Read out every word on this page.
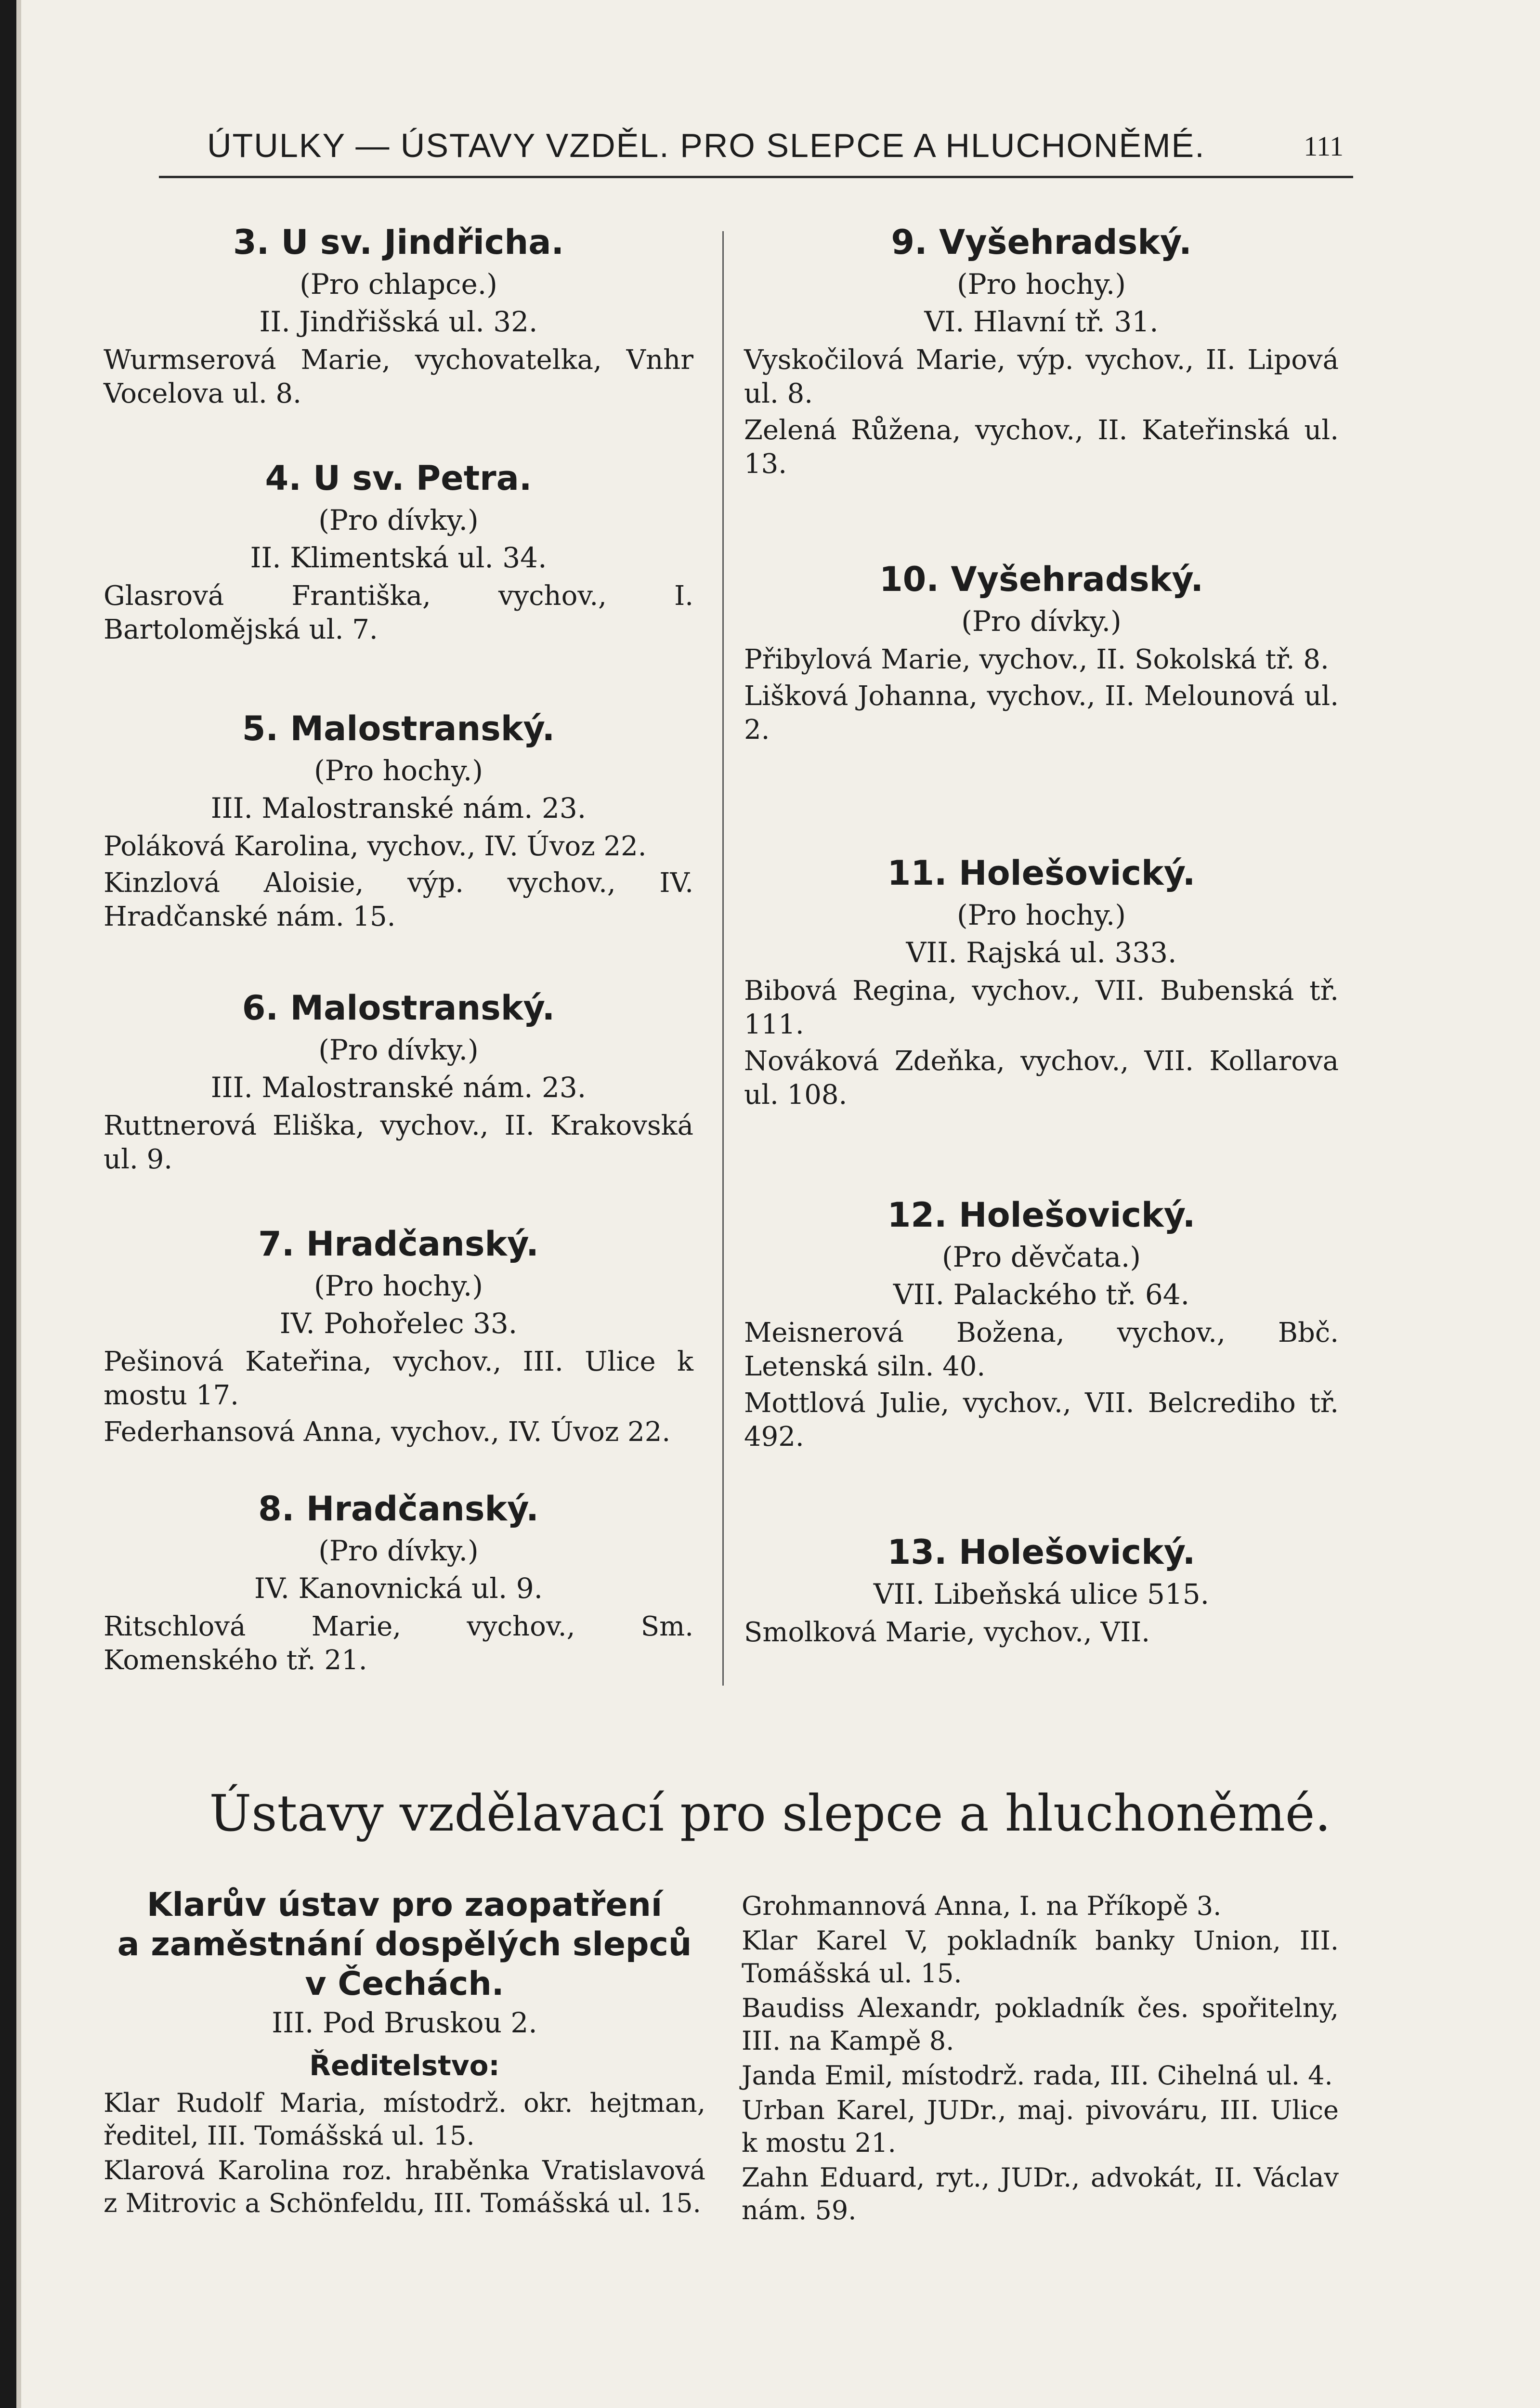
ÚTULKY — ÚSTAVY VZDĚL. PRO SLEPCE A HLUCHONĚMÉ.	111
3. U sv. Jindřicha.
(Pro chlapce.)
II. Jindřišská ul. 32.
Wurmserová Marie, vychovatelka, Vnhr Vocelova ul. 8.
4. U sv. Petra.
(Pro dívky.)
II. Klimentská ul. 34.
Glasrová Františka, vychov., I. Bartolomějská ul. 7.
5. Malostranský.
(Pro hochy.)
III. Malostranské nám. 23.
Poláková Karolina, vychov., IV. Úvoz 22.
Kinzlová Aloisie, výp. vychov., IV. Hradčanské nám. 15.
6. Malostranský.
(Pro dívky.)
III. Malostranské nám. 23.
Ruttnerová Eliška, vychov., II. Krakovská ul. 9.
7. Hradčanský.
(Pro hochy.)
IV. Pohořelec 33.
Pešinová Kateřina, vychov., III. Ulice k mostu 17.
Federhansová Anna, vychov., IV. Úvoz 22.
8. Hradčanský.
(Pro dívky.)
IV. Kanovnická ul. 9.
Ritschlová Marie, vychov., Sm. Komenského tř. 21.
9. Vyšehradský.
(Pro hochy.)
VI. Hlavní tř. 31.
Vyskočilová Marie, výp. vychov., II. Lipová ul. 8.
Zelená Růžena, vychov., II. Kateřinská ul. 13.
10. Vyšehradský.
(Pro dívky.)
Přibylová Marie, vychov., II. Sokolská tř. 8.
Lišková Johanna, vychov., II. Melounová ul. 2.
11. Holešovický.
(Pro hochy.)
VII. Rajská ul. 333.
Bibová Regina, vychov., VII. Bubenská tř. 111.
Nováková Zdeňka, vychov., VII. Kollarova ul. 108.
12. Holešovický.
(Pro děvčata.)
VII. Palackého tř. 64.
Meisnerová Božena, vychov., Bbč. Letenská siln. 40.
Mottlová Julie, vychov., VII. Belcrediho tř. 492.
13. Holešovický.
VII. Libeňská ulice 515.
Smolková Marie, vychov., VII.
Ústavy vzdělavací pro slepce a hluchoněmé.
Klarův ústav pro zaopatření
a zaměstnání dospělých slepců
v Čechách.
III. Pod Bruskou 2.
Ředitelstvo:
Klar Rudolf Maria, místodrž. okr. hejtman, ředitel, III. Tomášská ul. 15.
Klarová Karolina roz. hraběnka Vratislavová z Mitrovic a Schönfeldu, III. Tomášská ul. 15.
Grohmannová Anna, I. na Příkopě 3.
Klar Karel V, pokladník banky Union, III. Tomášská ul. 15.
Baudiss Alexandr, pokladník čes. spořitelny, III. na Kampě 8.
Janda Emil, místodrž. rada, III. Cihelná ul. 4.
Urban Karel, JUDr., maj. pivováru, III. Ulice k mostu 21.
Zahn Eduard, ryt., JUDr., advokát, II. Václav nám. 59.
